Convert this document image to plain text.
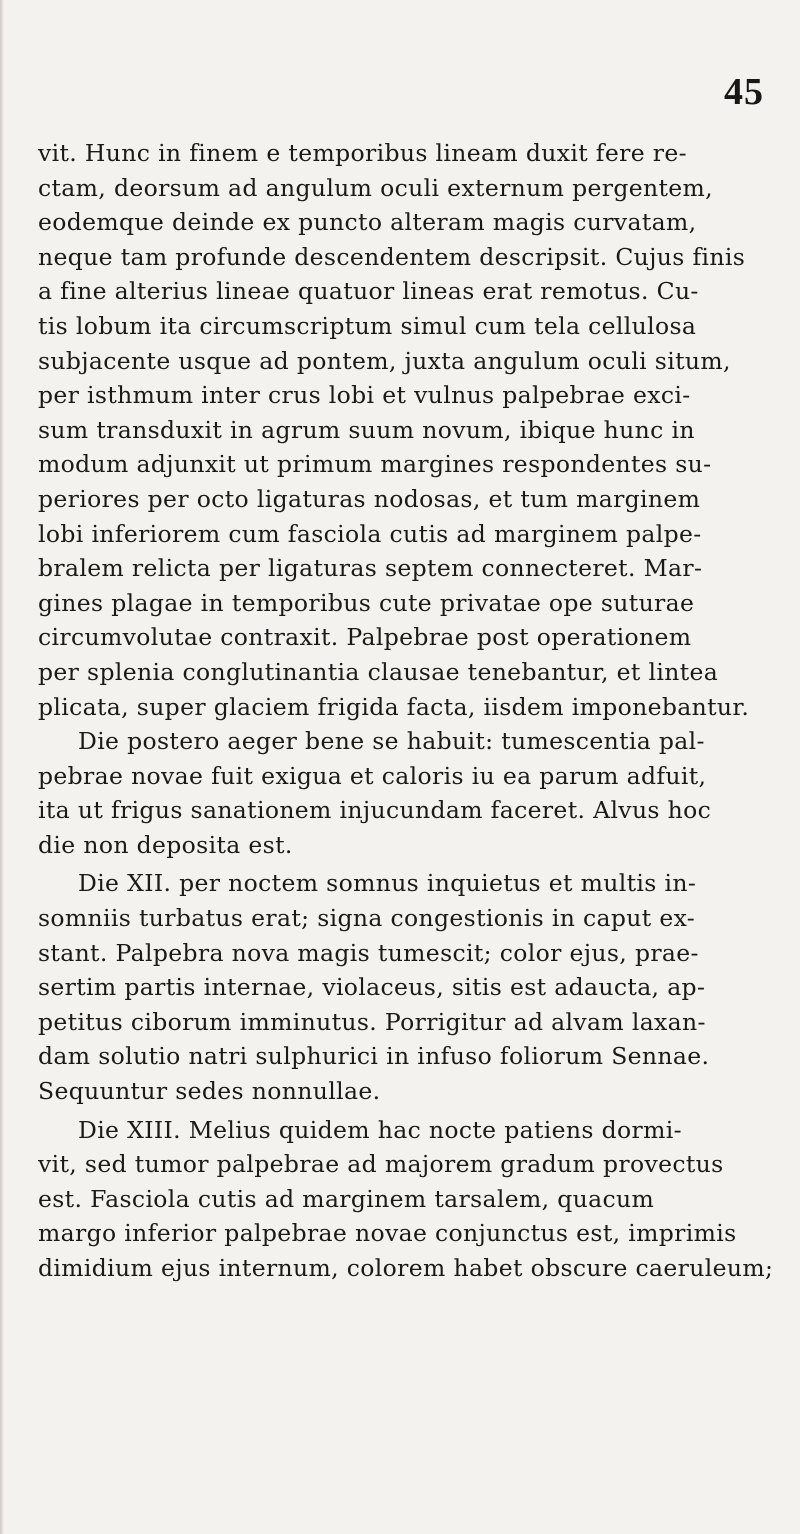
45
vit. Hunc in finem e temporibus lineam duxit fere re-
ctam, deorsum ad angulum oculi externum pergentem,
eodemque deinde ex puncto alteram magis curvatam,
neque tam profunde descendentem descripsit. Cujus finis
a fine alterius lineae quatuor lineas erat remotus. Cu-
tis lobum ita circumscriptum simul cum tela cellulosa
subjacente usque ad pontem, juxta angulum oculi situm,
per isthmum inter crus lobi et vulnus palpebrae exci-
sum transduxit in agrum suum novum, ibique hunc in
modum adjunxit ut primum margines respondentes su-
periores per octo ligaturas nodosas, et tum marginem
lobi inferiorem cum fasciola cutis ad marginem palpe-
bralem relicta per ligaturas septem connecteret. Mar-
gines plagae in temporibus cute privatae ope suturae
circumvolutae contraxit. Palpebrae post operationem
per splenia conglutinantia clausae tenebantur, et lintea
plicata, super glaciem frigida facta, iisdem imponebantur.
Die postero aeger bene se habuit: tumescentia pal-
pebrae novae fuit exigua et caloris iu ea parum adfuit,
ita ut frigus sanationem injucundam faceret. Alvus hoc
die non deposita est.
Die XII. per noctem somnus inquietus et multis in-
somniis turbatus erat; signa congestionis in caput ex-
stant. Palpebra nova magis tumescit; color ejus, prae-
sertim partis internae, violaceus, sitis est adaucta, ap-
petitus ciborum imminutus. Porrigitur ad alvam laxan-
dam solutio natri sulphurici in infuso foliorum Sennae.
Sequuntur sedes nonnullae.
Die XIII. Melius quidem hac nocte patiens dormi-
vit, sed tumor palpebrae ad majorem gradum provectus
est. Fasciola cutis ad marginem tarsalem, quacum
margo inferior palpebrae novae conjunctus est, imprimis
dimidium ejus internum, colorem habet obscure caeruleum;
